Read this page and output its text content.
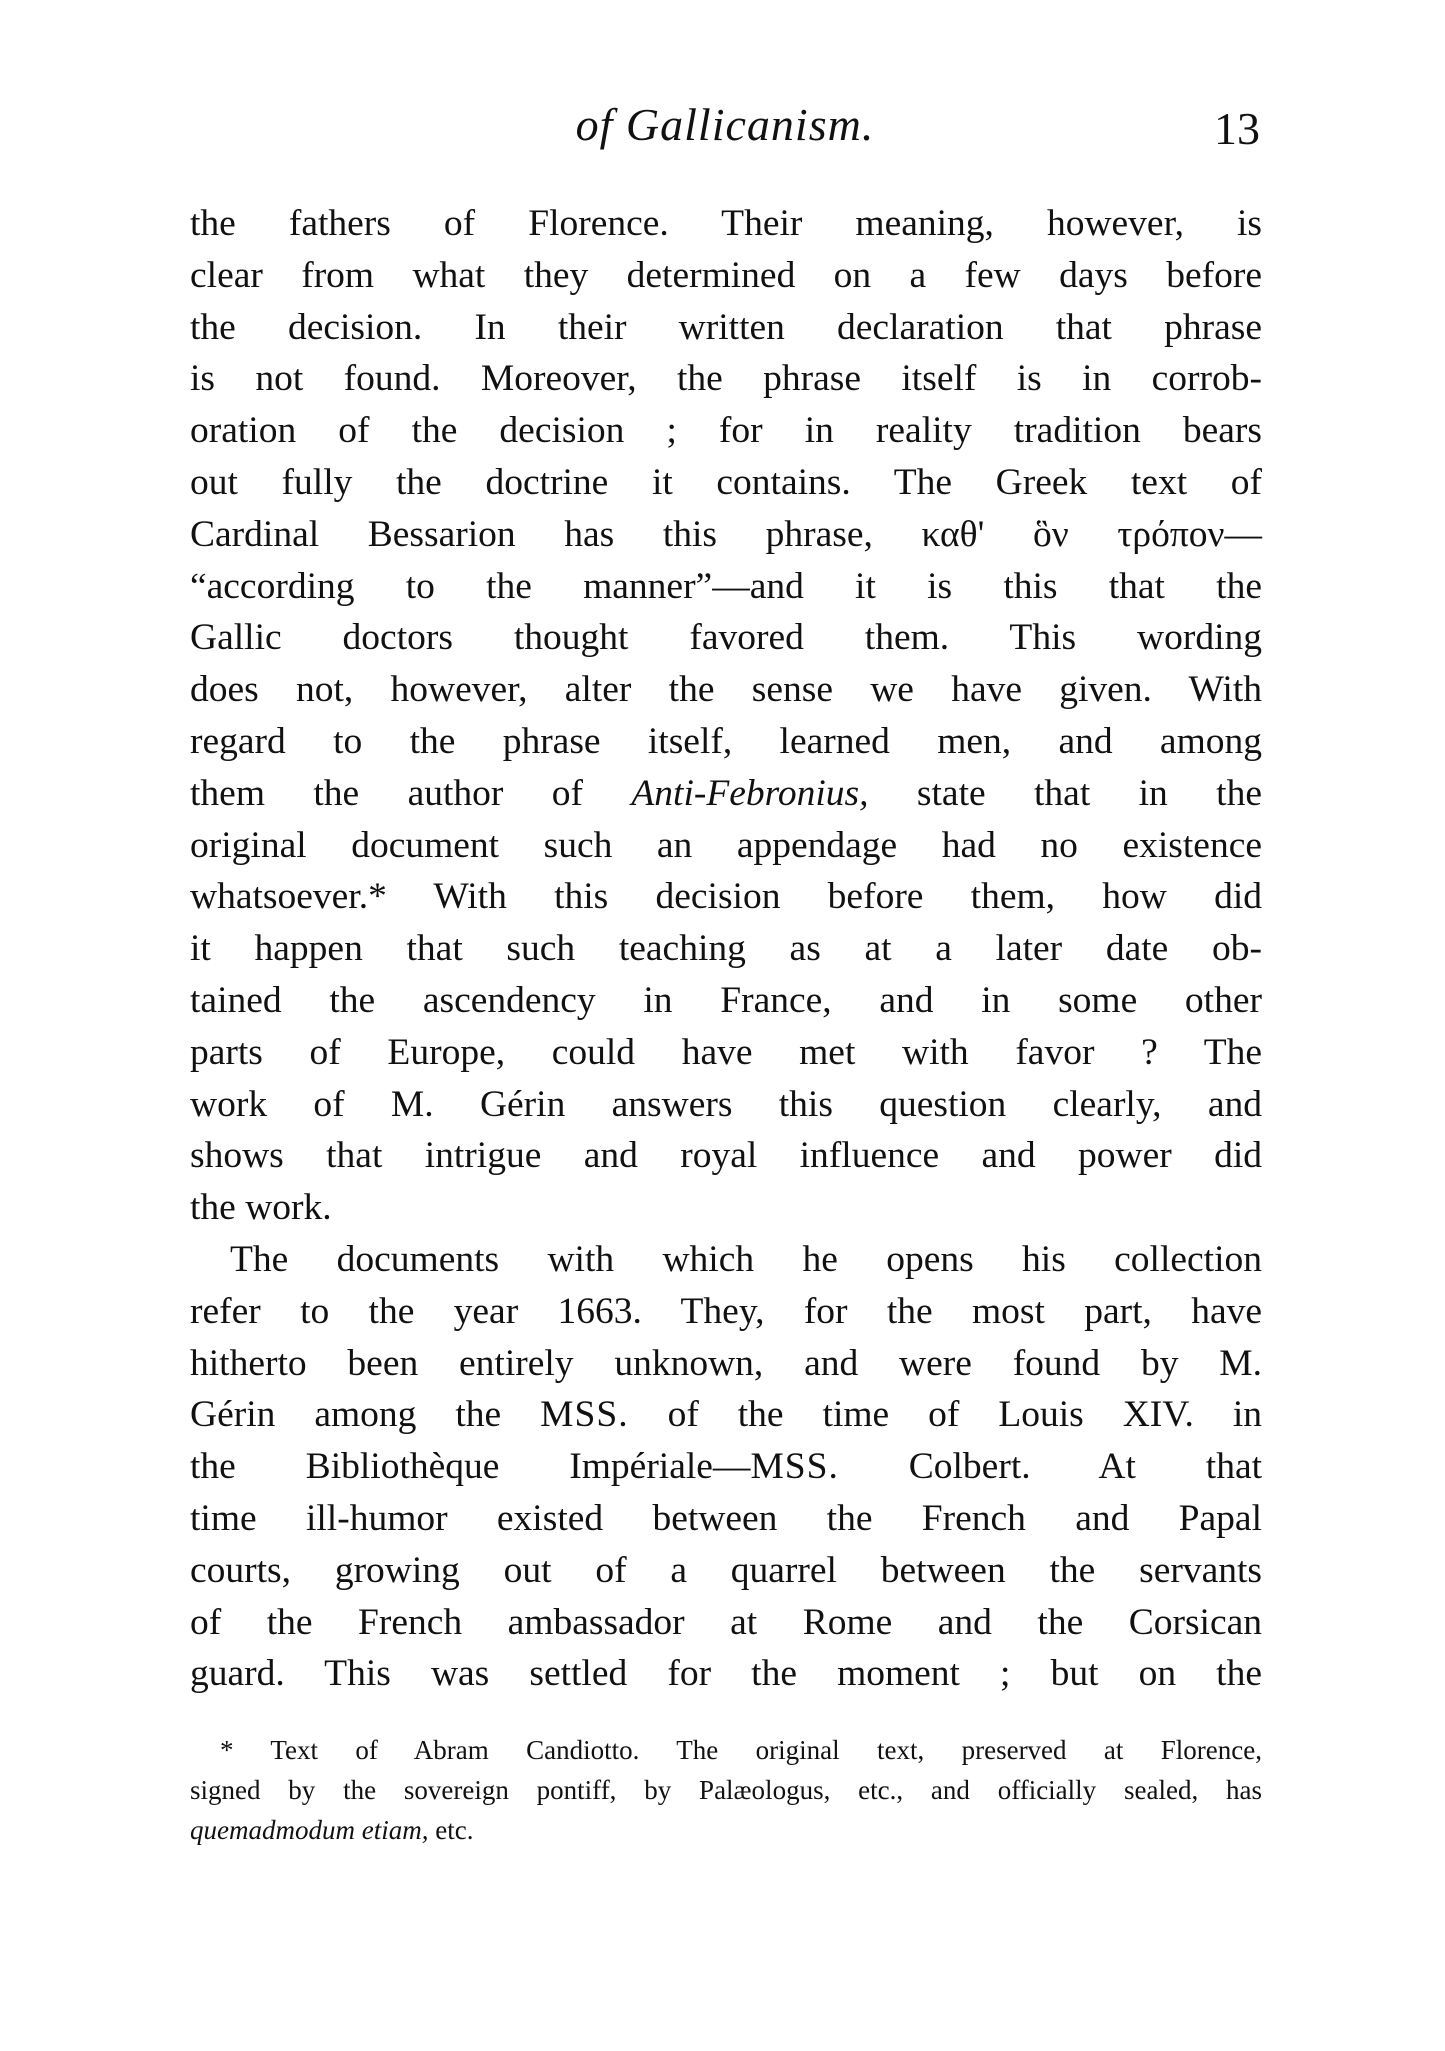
of Gallicanism.	13
the fathers of Florence. Their meaning, however, is
clear from what they determined on a few days before
the decision. In their written declaration that phrase
is not found. Moreover, the phrase itself is in corrob-
oration of the decision ; for in reality tradition bears
out fully the doctrine it contains. The Greek text of
Cardinal Bessarion has this phrase, καθ' ὃν τρόπον—
“according to the manner”—and it is this that the
Gallic doctors thought favored them. This wording
does not, however, alter the sense we have given. With
regard to the phrase itself, learned men, and among
them the author of Anti-Febronius, state that in the
original document such an appendage had no existence
whatsoever.* With this decision before them, how did
it happen that such teaching as at a later date ob-
tained the ascendency in France, and in some other
parts of Europe, could have met with favor ? The
work of M. Gérin answers this question clearly, and
shows that intrigue and royal influence and power did
the work.
The documents with which he opens his collection
refer to the year 1663. They, for the most part, have
hitherto been entirely unknown, and were found by M.
Gérin among the MSS. of the time of Louis XIV. in
the Bibliothèque Impériale—MSS. Colbert. At that
time ill-humor existed between the French and Papal
courts, growing out of a quarrel between the servants
of the French ambassador at Rome and the Corsican
guard. This was settled for the moment ; but on the
* Text of Abram Candiotto. The original text, preserved at Florence,
signed by the sovereign pontiff, by Palæologus, etc., and officially sealed, has
quemadmodum etiam, etc.
